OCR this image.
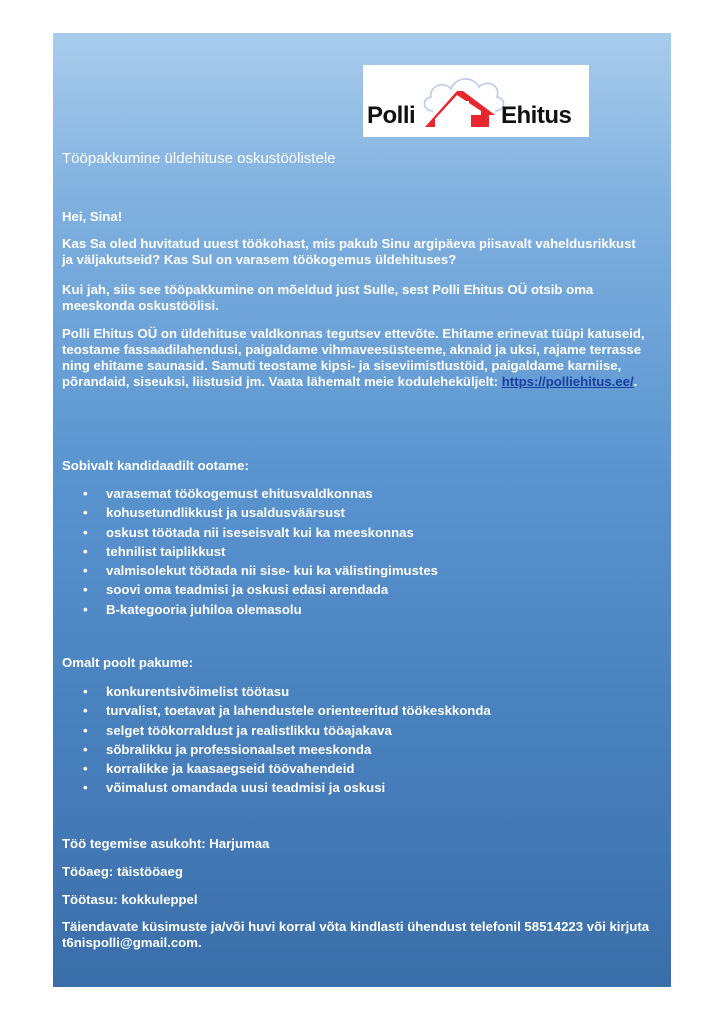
Polli	Ehitus
Tööpakkumine üldehituse oskustöölistele
Hei, Sina!
Kas Sa oled huvitatud uuest töökohast, mis pakub Sinu argipäeva piisavalt vaheldusrikkust ja väljakutseid? Kas Sul on varasem töökogemus üldehituses?
Kui jah, siis see tööpakkumine on mõeldud just Sulle, sest Polli Ehitus OÜ otsib oma meeskonda oskustöölisi.
Polli Ehitus OÜ on üldehituse valdkonnas tegutsev ettevõte. Ehitame erinevat tüüpi katuseid, teostame fassaadilahendusi, paigaldame vihmaveesüsteeme, aknaid ja uksi, rajame terrasse ning ehitame saunasid. Samuti teostame kipsi- ja siseviimistlustöid, paigaldame karniise, põrandaid, siseuksi, liistusid jm. Vaata lähemalt meie koduleheküljelt: https://polliehitus.ee/.
Sobivalt kandidaadilt ootame:
• varasemat töökogemust ehitusvaldkonnas
• kohusetundlikkust ja usaldusväärsust
• oskust töötada nii iseseisvalt kui ka meeskonnas
• tehnilist taiplikkust
• valmisolekut töötada nii sise- kui ka välistingimustes
• soovi oma teadmisi ja oskusi edasi arendada
• B-kategooria juhiloa olemasolu
Omalt poolt pakume:
• konkurentsivõimelist töötasu
• turvalist, toetavat ja lahendustele orienteeritud töökeskkonda
• selget töökorraldust ja realistlikku tööajakava
• sõbralikku ja professionaalset meeskonda
• korralikke ja kaasaegseid töövahendeid
• võimalust omandada uusi teadmisi ja oskusi
Töö tegemise asukoht: Harjumaa
Tööaeg: täistööaeg
Töötasu: kokkuleppel
Täiendavate küsimuste ja/või huvi korral võta kindlasti ühendust telefonil 58514223 või kirjuta t6nispolli@gmail.com.
